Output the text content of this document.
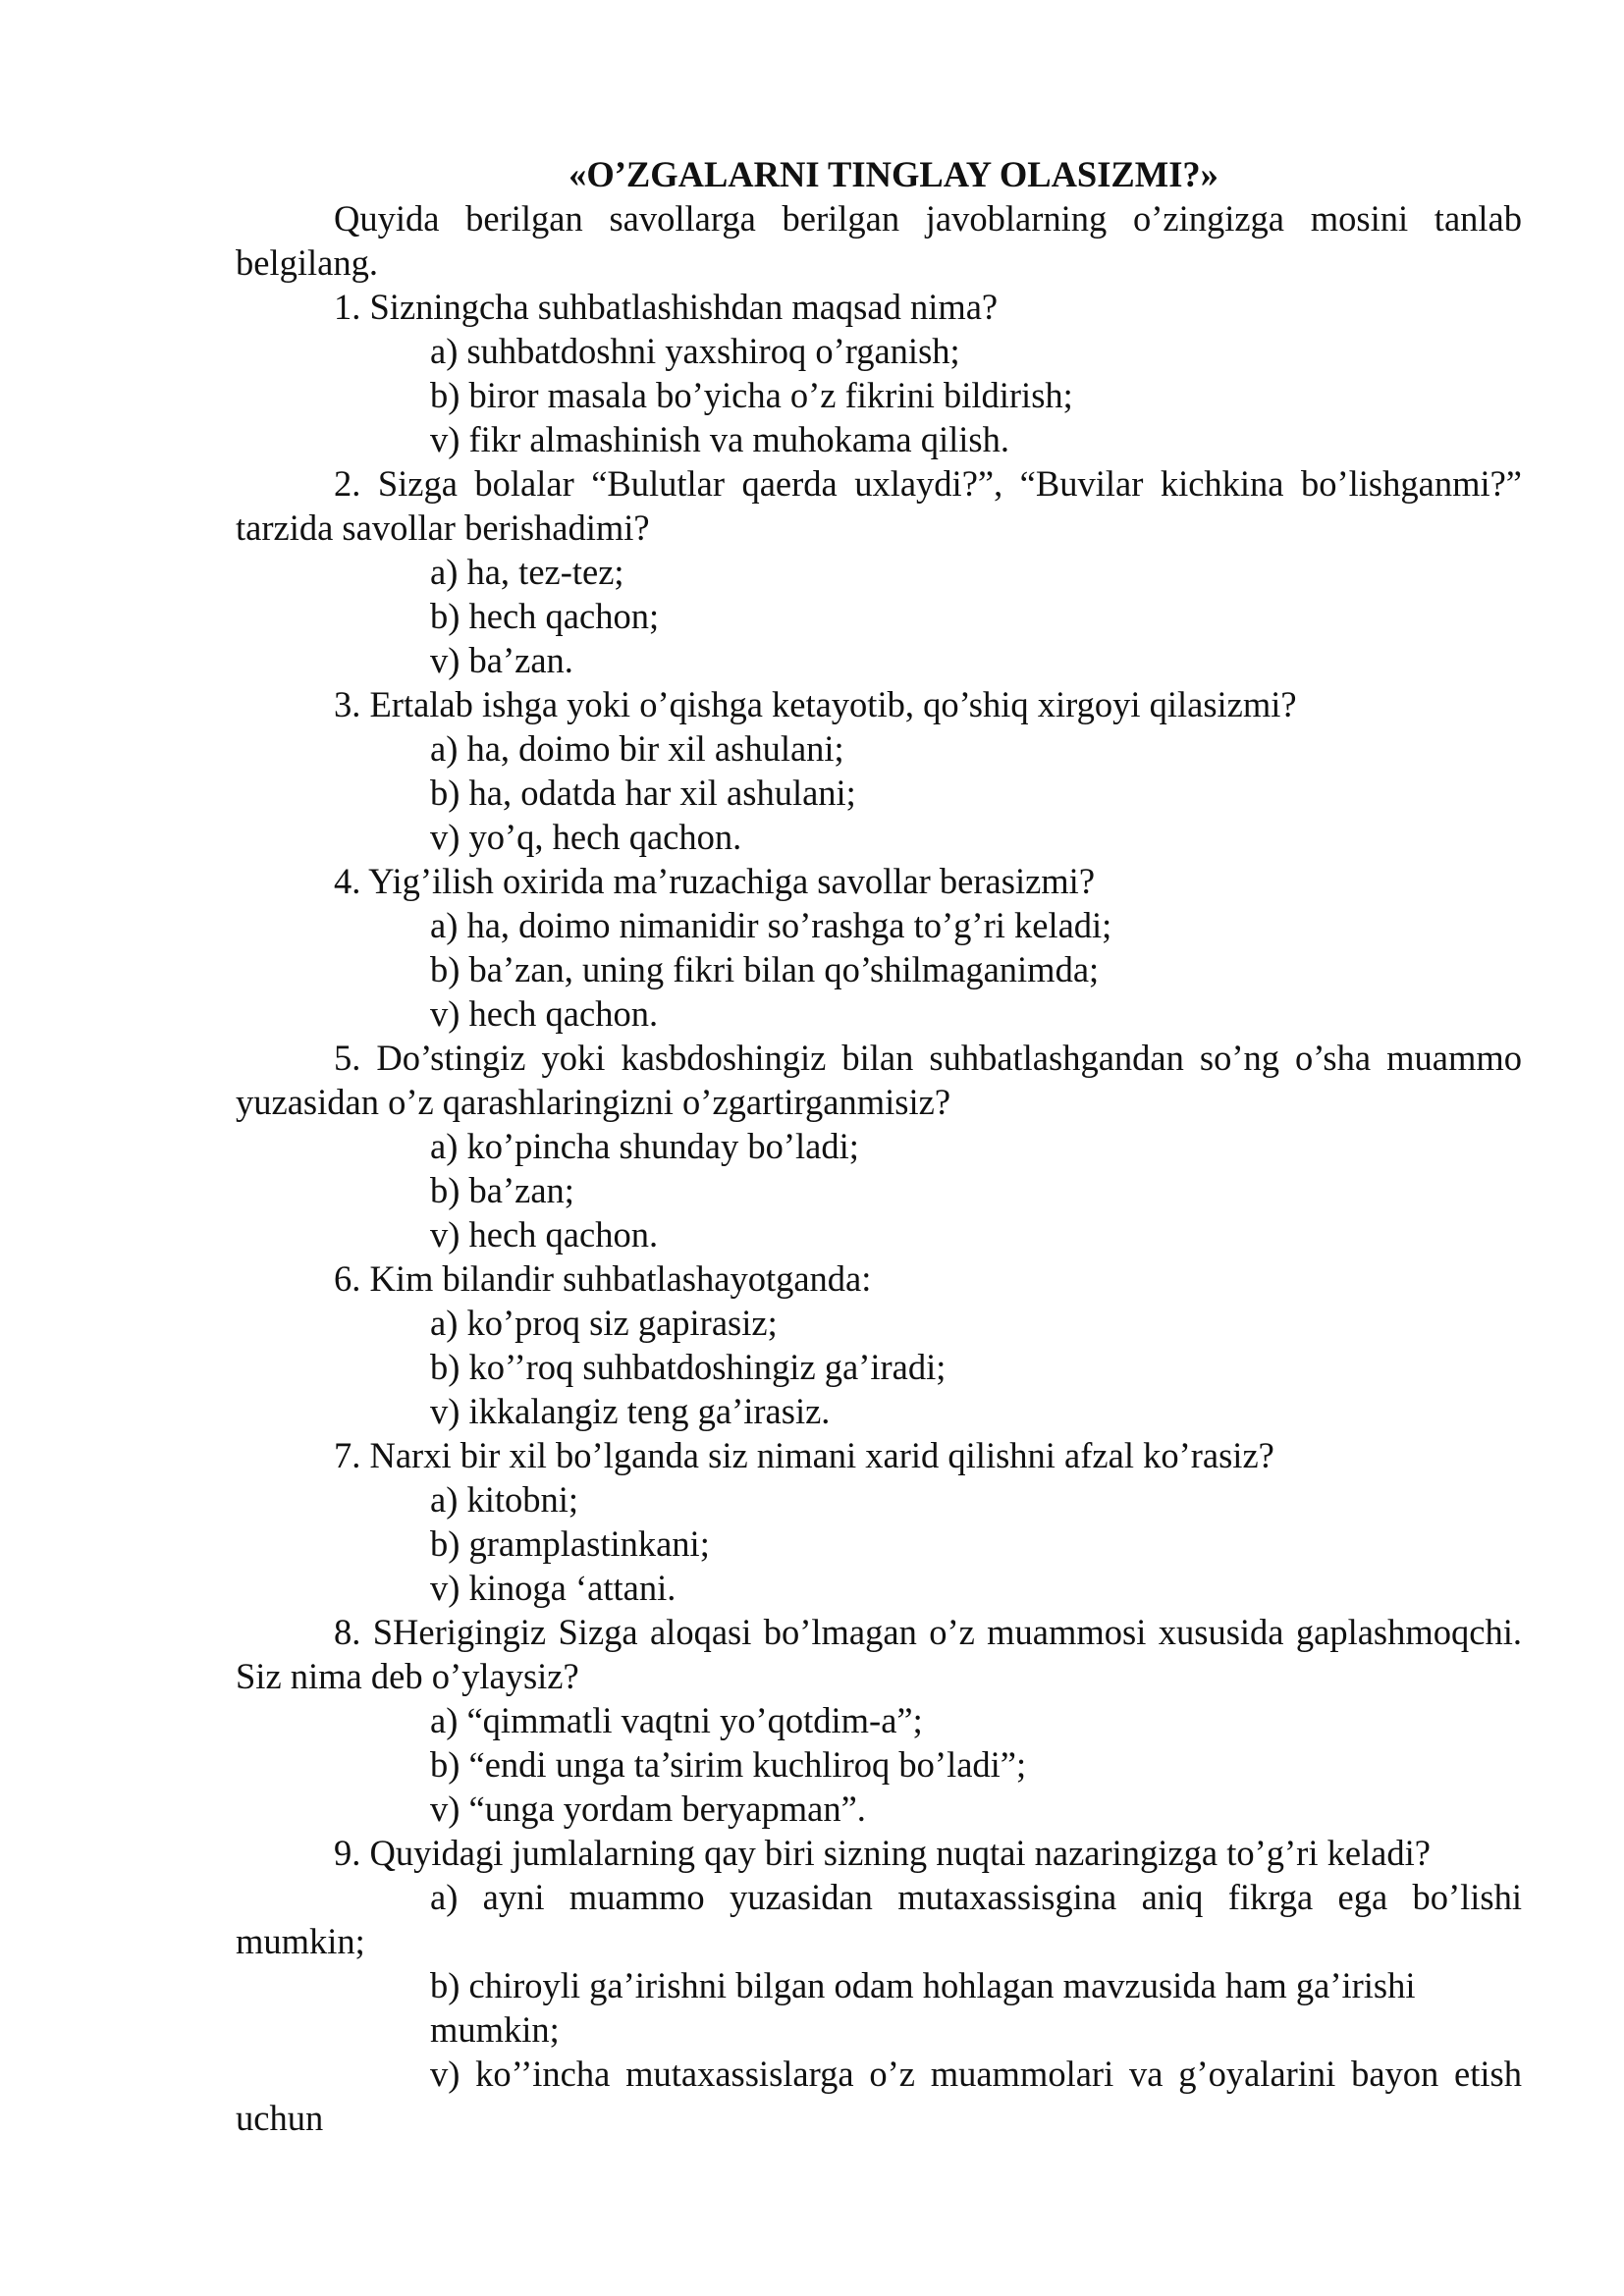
«O’ZGALARNI TINGLAY OLASIZMI?»

Quyida berilgan savollarga berilgan javoblarning o’zingizga mosini tanlab belgilang.

1. Sizningcha suhbatlashishdan maqsad nima?

a) suhbatdoshni yaxshiroq o’rganish;

b) biror masala bo’yicha o’z fikrini bildirish;

v) fikr almashinish va muhokama qilish.

2. Sizga bolalar “Bulutlar qaerda uxlaydi?”, “Buvilar kichkina bo’lishganmi?” tarzida savollar berishadimi?

a) ha, tez-tez;

b) hech qachon;

v) ba’zan.

3. Ertalab ishga yoki o’qishga ketayotib, qo’shiq xirgoyi qilasizmi?

a) ha, doimo bir xil ashulani;

b) ha, odatda har xil ashulani;

v) yo’q, hech qachon.

4. Yig’ilish oxirida ma’ruzachiga savollar berasizmi?

a) ha, doimo nimanidir so’rashga to’g’ri keladi;

b) ba’zan, uning fikri bilan qo’shilmaganimda;

v) hech qachon.

5. Do’stingiz yoki kasbdoshingiz bilan suhbatlashgandan so’ng o’sha muammo yuzasidan o’z qarashlaringizni o’zgartirganmisiz?

a) ko’pincha shunday bo’ladi;

b) ba’zan;

v) hech qachon.

6. Kim bilandir suhbatlashayotganda:

a) ko’proq siz gapirasiz;

b) ko’’roq suhbatdoshingiz ga’iradi;

v) ikkalangiz teng ga’irasiz.

7. Narxi bir xil bo’lganda siz nimani xarid qilishni afzal ko’rasiz?

a) kitobni;

b) gramplastinkani;

v) kinoga ‘attani.

8. SHerigingiz Sizga aloqasi bo’lmagan o’z muammosi xususida gaplashmoqchi. Siz nima deb o’ylaysiz?

a) “qimmatli vaqtni yo’qotdim-a”;

b) “endi unga ta’sirim kuchliroq bo’ladi”;

v) “unga yordam beryapman”.

9. Quyidagi jumlalarning qay biri sizning nuqtai nazaringizga to’g’ri keladi?

a) ayni muammo yuzasidan mutaxassisgina aniq fikrga ega bo’lishi mumkin;

b) chiroyli ga’irishni bilgan odam hohlagan mavzusida ham ga’irishi mumkin;

v) ko’’incha mutaxassislarga o’z muammolari va g’oyalarini bayon etish uchun
